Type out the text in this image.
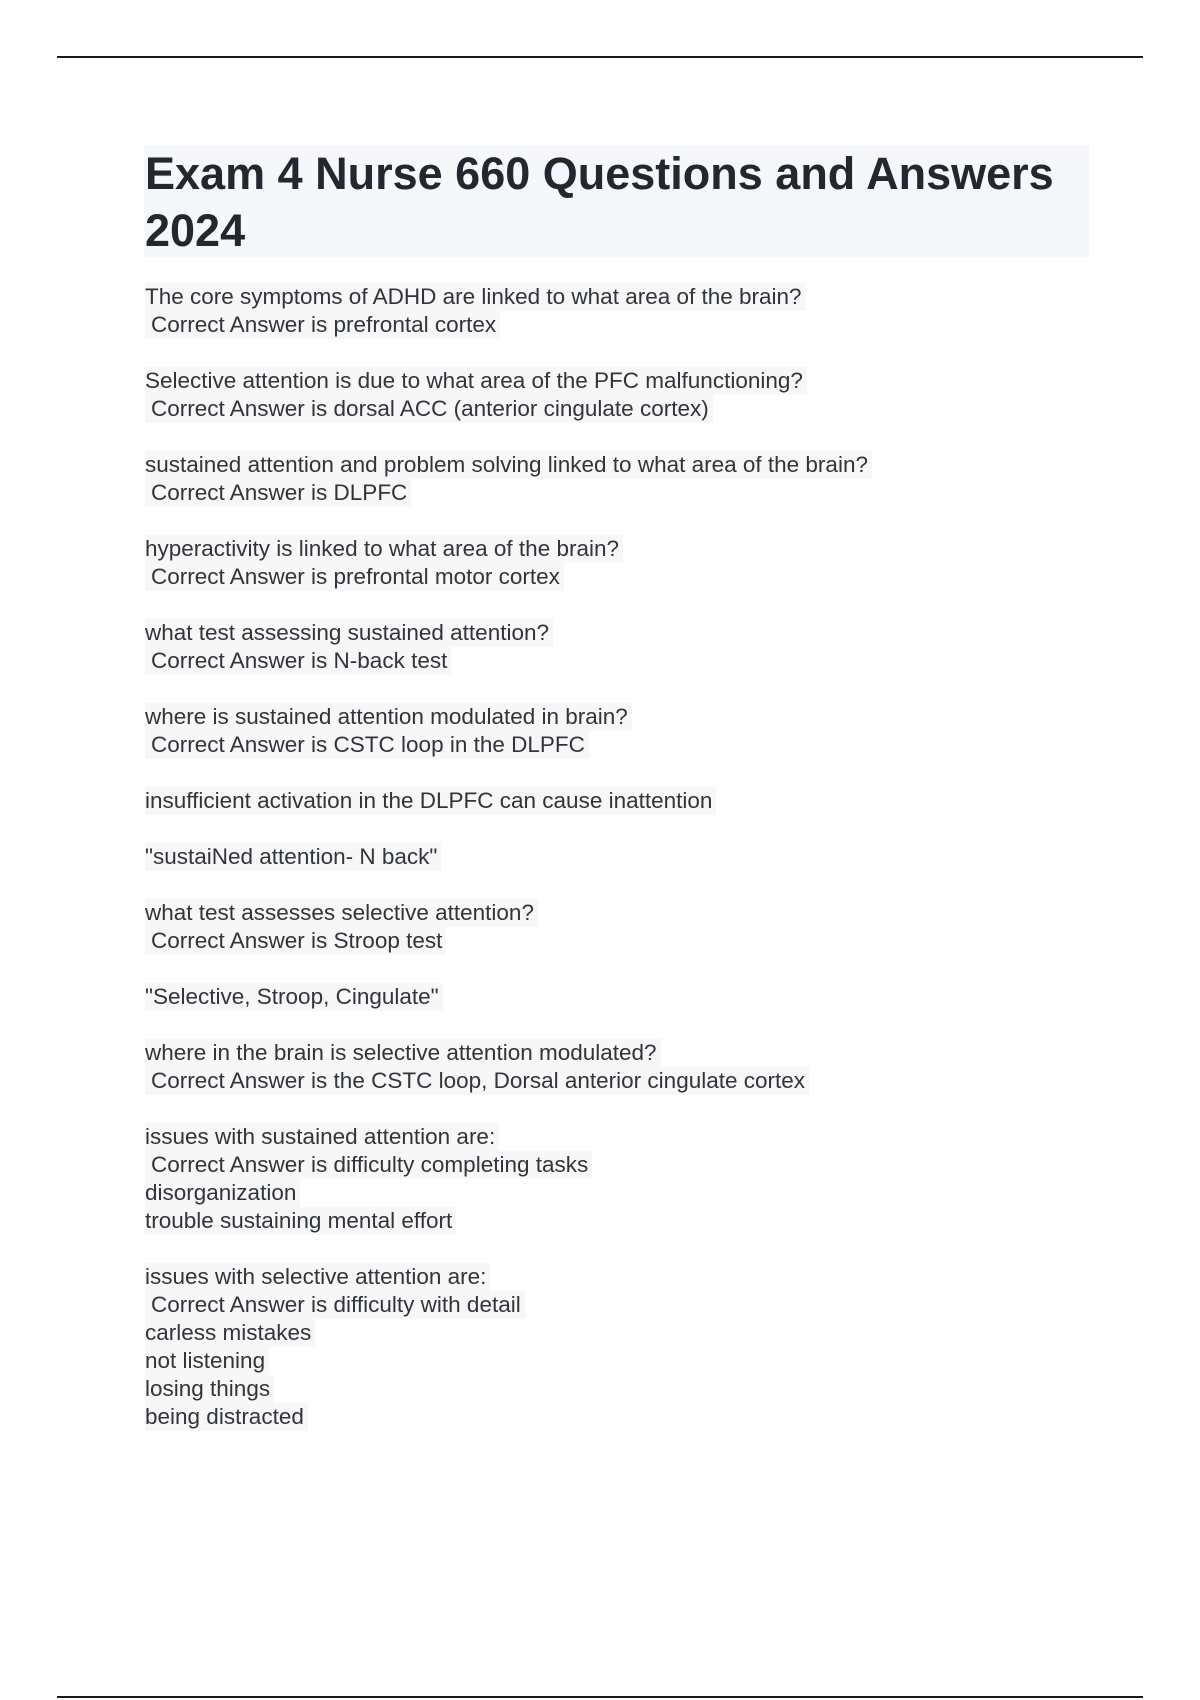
Exam 4 Nurse 660 Questions and Answers 2024
The core symptoms of ADHD are linked to what area of the brain?
Correct Answer is prefrontal cortex
Selective attention is due to what area of the PFC malfunctioning?
Correct Answer is dorsal ACC (anterior cingulate cortex)
sustained attention and problem solving linked to what area of the brain?
Correct Answer is DLPFC
hyperactivity is linked to what area of the brain?
Correct Answer is prefrontal motor cortex
what test assessing sustained attention?
Correct Answer is N-back test
where is sustained attention modulated in brain?
Correct Answer is CSTC loop in the DLPFC
insufficient activation in the DLPFC can cause inattention
"sustaiNed attention- N back"
what test assesses selective attention?
Correct Answer is Stroop test
"Selective, Stroop, Cingulate"
where in the brain is selective attention modulated?
Correct Answer is the CSTC loop, Dorsal anterior cingulate cortex
issues with sustained attention are:
Correct Answer is difficulty completing tasks
disorganization
trouble sustaining mental effort
issues with selective attention are:
Correct Answer is difficulty with detail
carless mistakes
not listening
losing things
being distracted
